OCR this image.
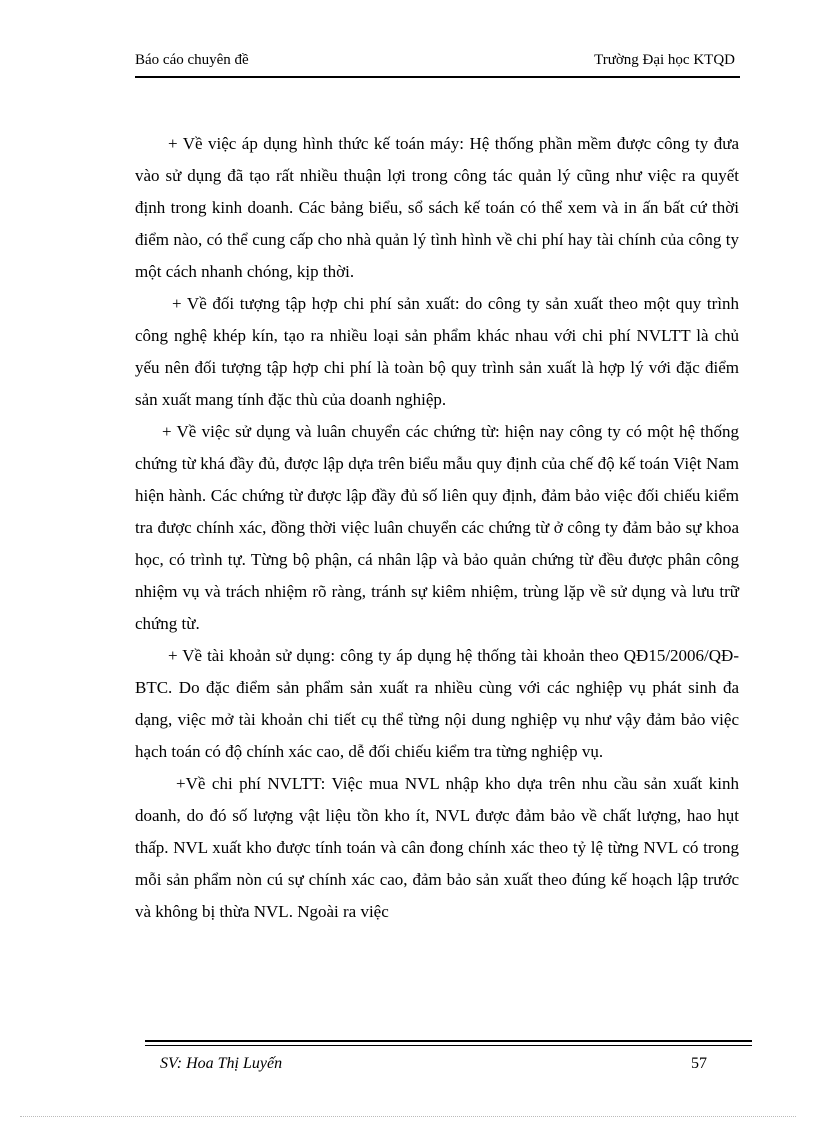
Báo cáo chuyên đề	Trường Đại học KTQD

+ Về việc áp dụng hình thức kế toán máy: Hệ thống phần mềm được công ty đưa vào sử dụng đã tạo rất nhiều thuận lợi trong công tác quản lý cũng như việc ra quyết định trong kinh doanh. Các bảng biểu, sổ sách kế toán có thể xem và in ấn bất cứ thời điểm nào, có thể cung cấp cho nhà quản lý tình hình về chi phí hay tài chính của công ty một cách nhanh chóng, kịp thời.

+ Về đối tượng tập hợp chi phí sản xuất: do công ty sản xuất theo một quy trình công nghệ khép kín, tạo ra nhiều loại sản phẩm khác nhau với chi phí NVLTT là chủ yếu nên đối tượng tập hợp chi phí là toàn bộ quy trình sản xuất là hợp lý với đặc điểm sản xuất mang tính đặc thù của doanh nghiệp.

+ Về việc sử dụng và luân chuyển các chứng từ: hiện nay công ty có một hệ thống chứng từ khá đầy đủ, được lập dựa trên biểu mẫu quy định của chế độ kế toán Việt Nam hiện hành. Các chứng từ được lập đầy đủ số liên quy định, đảm bảo việc đối chiếu kiểm tra được chính xác, đồng thời việc luân chuyển các chứng từ ở công ty đảm bảo sự khoa học, có trình tự. Từng bộ phận, cá nhân lập và bảo quản chứng từ đều được phân công nhiệm vụ và trách nhiệm rõ ràng, tránh sự kiêm nhiệm, trùng lặp về sử dụng và lưu trữ chứng từ.

+ Về tài khoản sử dụng: công ty áp dụng hệ thống tài khoản theo QĐ15/2006/QĐ-BTC. Do đặc điểm sản phẩm sản xuất ra nhiều cùng với các nghiệp vụ phát sinh đa dạng, việc mở tài khoản chi tiết cụ thể từng nội dung nghiệp vụ như vậy đảm bảo việc hạch toán có độ chính xác cao, dễ đối chiếu kiểm tra từng nghiệp vụ.

+Về chi phí NVLTT: Việc mua NVL nhập kho dựa trên nhu cầu sản xuất kinh doanh, do đó số lượng vật liệu tồn kho ít, NVL được đảm bảo về chất lượng, hao hụt thấp. NVL xuất kho được tính toán và cân đong chính xác theo tỷ lệ từng NVL có trong mỗi sản phẩm nòn cú sự chính xác cao, đảm bảo sản xuất theo đúng kế hoạch lập trước và không bị thừa NVL. Ngoài ra việc

SV: Hoa Thị Luyến	57
